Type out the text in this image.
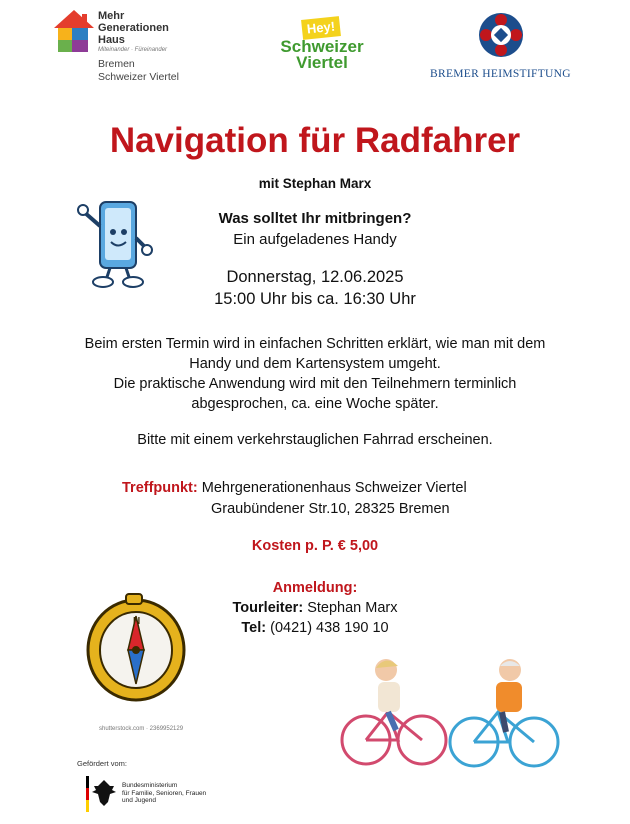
Mehr
Generationen
Haus
Miteinander · Füreinander
Bremen
Schweizer Viertel
Hey!
Schweizer
Viertel
BREMER HEIMSTIFTUNG
Navigation für Radfahrer
mit Stephan Marx
Was solltet Ihr mitbringen?
Ein aufgeladenes Handy
Donnerstag, 12.06.2025
15:00 Uhr bis ca. 16:30 Uhr
Beim ersten Termin wird in einfachen Schritten erklärt, wie man mit dem
Handy und dem Kartensystem umgeht.
Die praktische Anwendung wird mit den Teilnehmern terminlich
abgesprochen, ca. eine Woche später.
Bitte mit einem verkehrstauglichen Fahrrad erscheinen.
Treffpunkt: Mehrgenerationenhaus Schweizer Viertel
Graubündener Str.10, 28325 Bremen
Kosten p. P. € 5,00
Anmeldung:
Tourleiter: Stephan Marx
Tel: (0421) 438 190 10
N
shutterstock.com · 2369952129
Gefördert vom:
Bundesministerium
für Familie, Senioren, Frauen
und Jugend
